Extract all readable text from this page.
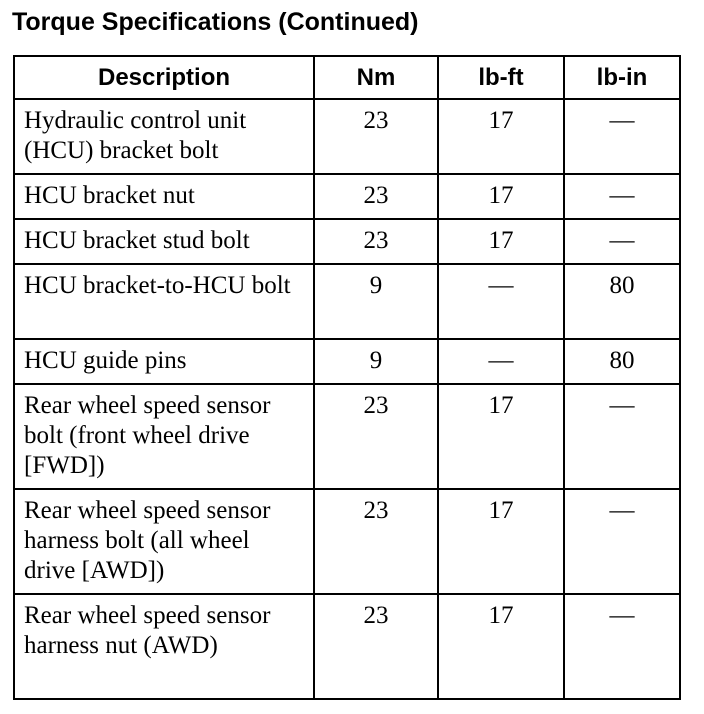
Torque Specifications (Continued)
Description	Nm	lb-ft	lb-in
Hydraulic control unit (HCU) bracket bolt	23	17	—
HCU bracket nut	23	17	—
HCU bracket stud bolt	23	17	—
HCU bracket-to-HCU bolt	9	—	80
HCU guide pins	9	—	80
Rear wheel speed sensor bolt (front wheel drive [FWD])	23	17	—
Rear wheel speed sensor harness bolt (all wheel drive [AWD])	23	17	—
Rear wheel speed sensor harness nut (AWD)	23	17	—
